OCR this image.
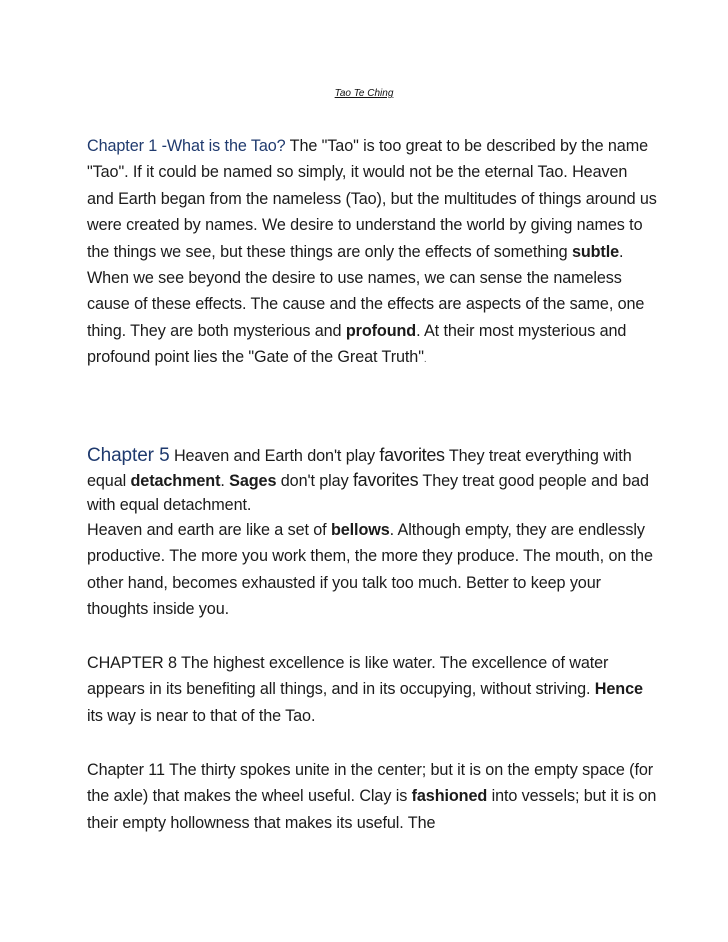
Tao Te Ching
Chapter 1 -What is the Tao? The "Tao" is too great to be described by the name "Tao". If it could be named so simply, it would not be the eternal Tao. Heaven and Earth began from the nameless (Tao), but the multitudes of things around us were created by names. We desire to understand the world by giving names to the things we see, but these things are only the effects of something subtle. When we see beyond the desire to use names, we can sense the nameless cause of these effects. The cause and the effects are aspects of the same, one thing. They are both mysterious and profound. At their most mysterious and profound point lies the "Gate of the Great Truth".
Chapter 5 Heaven and Earth don't play favorites They treat everything with equal detachment. Sages don't play favorites They treat good people and bad with equal detachment.
Heaven and earth are like a set of bellows. Although empty, they are endlessly productive. The more you work them, the more they produce. The mouth, on the other hand, becomes exhausted if you talk too much. Better to keep your thoughts inside you.
CHAPTER 8 The highest excellence is like water. The excellence of water appears in its benefiting all things, and in its occupying, without striving. Hence its way is near to that of the Tao.
Chapter 11 The thirty spokes unite in the center; but it is on the empty space (for the axle) that makes the wheel useful. Clay is fashioned into vessels; but it is on their empty hollowness that makes its useful. The
